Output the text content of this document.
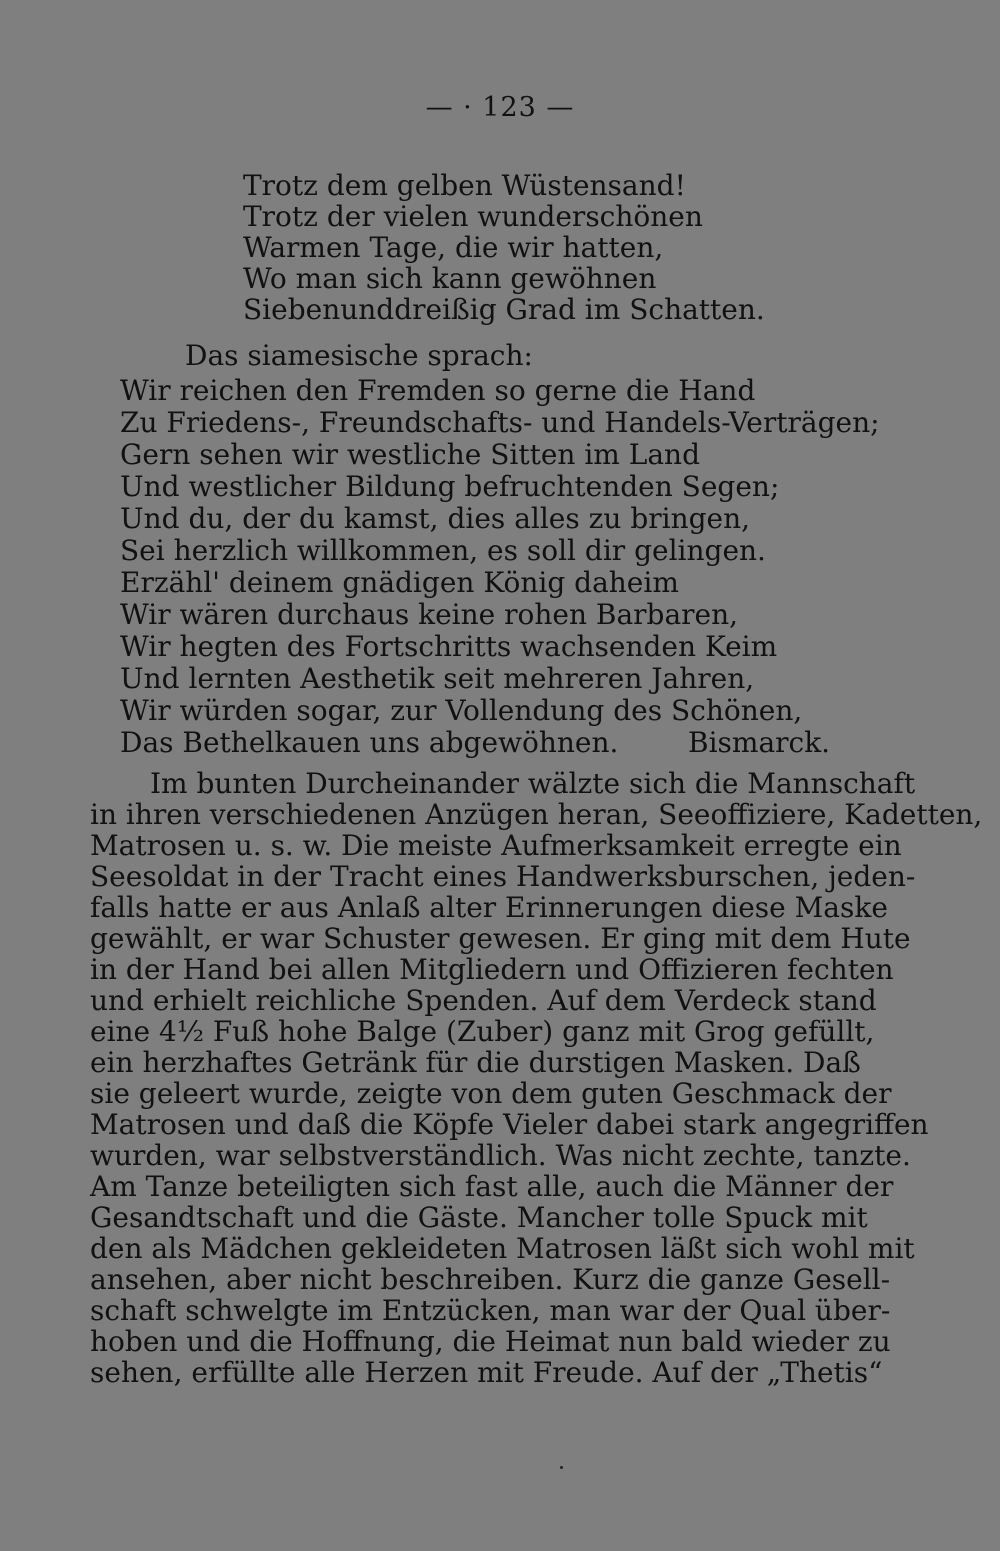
— · 123 —
Trotz dem gelben Wüstensand!
Trotz der vielen wunderschönen
Warmen Tage, die wir hatten,
Wo man sich kann gewöhnen
Siebenunddreißig Grad im Schatten.
Das siamesische sprach:
Wir reichen den Fremden so gerne die Hand
Zu Friedens-, Freundschafts- und Handels-Verträgen;
Gern sehen wir westliche Sitten im Land
Und westlicher Bildung befruchtenden Segen;
Und du, der du kamst, dies alles zu bringen,
Sei herzlich willkommen, es soll dir gelingen.
Erzähl' deinem gnädigen König daheim
Wir wären durchaus keine rohen Barbaren,
Wir hegten des Fortschritts wachsenden Keim
Und lernten Aesthetik seit mehreren Jahren,
Wir würden sogar, zur Vollendung des Schönen,
Das Bethelkauen uns abgewöhnen. Bismarck.
Im bunten Durcheinander wälzte sich die Mannschaft
in ihren verschiedenen Anzügen heran, Seeoffiziere, Kadetten,
Matrosen u. s. w. Die meiste Aufmerksamkeit erregte ein
Seesoldat in der Tracht eines Handwerksburschen, jeden-
falls hatte er aus Anlaß alter Erinnerungen diese Maske
gewählt, er war Schuster gewesen. Er ging mit dem Hute
in der Hand bei allen Mitgliedern und Offizieren fechten
und erhielt reichliche Spenden. Auf dem Verdeck stand
eine 4½ Fuß hohe Balge (Zuber) ganz mit Grog gefüllt,
ein herzhaftes Getränk für die durstigen Masken. Daß
sie geleert wurde, zeigte von dem guten Geschmack der
Matrosen und daß die Köpfe Vieler dabei stark angegriffen
wurden, war selbstverständlich. Was nicht zechte, tanzte.
Am Tanze beteiligten sich fast alle, auch die Männer der
Gesandtschaft und die Gäste. Mancher tolle Spuck mit
den als Mädchen gekleideten Matrosen läßt sich wohl mit
ansehen, aber nicht beschreiben. Kurz die ganze Gesell-
schaft schwelgte im Entzücken, man war der Qual über-
hoben und die Hoffnung, die Heimat nun bald wieder zu
sehen, erfüllte alle Herzen mit Freude. Auf der „Thetis“
